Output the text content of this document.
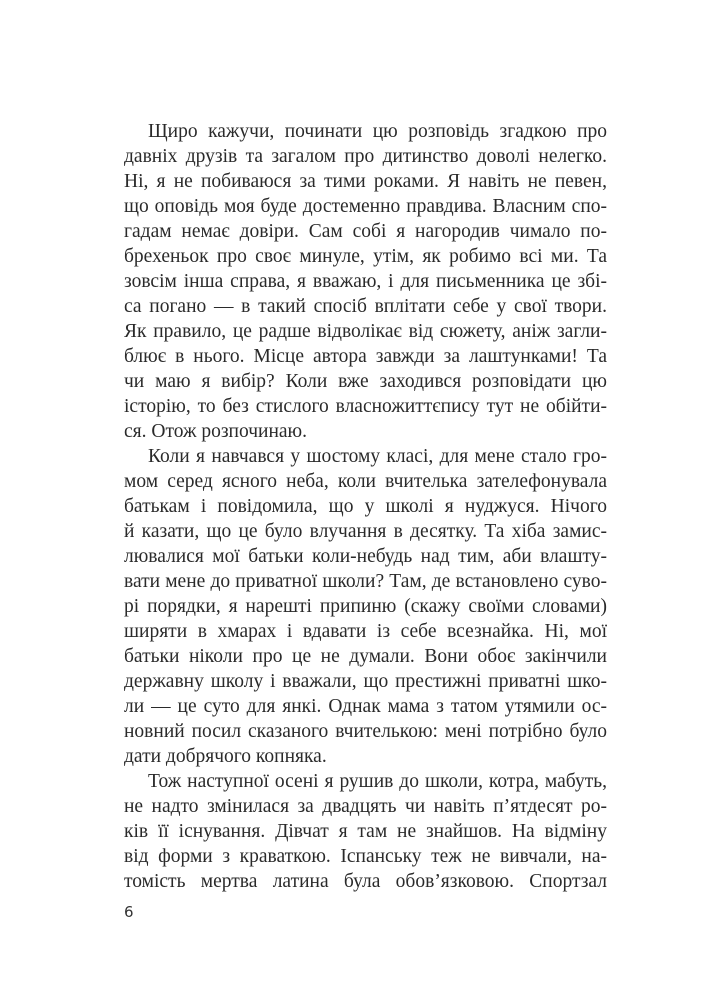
Щиро кажучи, починати цю розповідь згадкою про
давніх друзів та загалом про дитинство доволі нелегко.
Ні, я не побиваюся за тими роками. Я навіть не певен,
що оповідь моя буде достеменно правдива. Власним спо-
гадам немає довіри. Сам собі я нагородив чимало по-
брехеньок про своє минуле, утім, як робимо всі ми. Та
зовсім інша справа, я вважаю, і для письменника це збі-
са погано — в такий спосіб вплітати себе у свої твори.
Як правило, це радше відволікає від сюжету, аніж загли-
блює в нього. Місце автора завжди за лаштунками! Та
чи маю я вибір? Коли вже заходився розповідати цю
історію, то без стислого власножиттєпису тут не обійти-
ся. Отож розпочинаю.
Коли я навчався у шостому класі, для мене стало гро-
мом серед ясного неба, коли вчителька зателефонувала
батькам і повідомила, що у школі я нуджуся. Нічого
й казати, що це було влучання в десятку. Та хіба замис-
лювалися мої батьки коли-небудь над тим, аби влашту-
вати мене до приватної школи? Там, де встановлено суво-
рі порядки, я нарешті припиню (скажу своїми словами)
ширяти в хмарах і вдавати із себе всезнайка. Ні, мої
батьки ніколи про це не думали. Вони обоє закінчили
державну школу і вважали, що престижні приватні шко-
ли — це суто для янкі. Однак мама з татом утямили ос-
новний посил сказаного вчителькою: мені потрібно було
дати добрячого копняка.
Тож наступної осені я рушив до школи, котра, мабуть,
не надто змінилася за двадцять чи навіть п’ятдесят ро-
ків її існування. Дівчат я там не знайшов. На відміну
від форми з краваткою. Іспанську теж не вивчали, на-
томість мертва латина була обов’язковою. Спортзал
6
